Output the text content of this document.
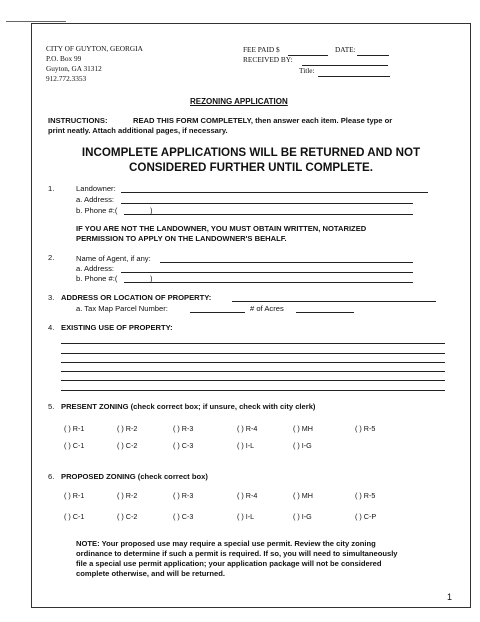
CITY OF GUYTON, GEORGIA
P.O. Box 99
Guyton, GA 31312
912.772.3353
FEE PAID $	DATE:
RECEIVED BY:
Title:
REZONING APPLICATION
INSTRUCTIONS:	READ THIS FORM COMPLETELY, then answer each item. Please type or
print neatly. Attach additional pages, if necessary.
INCOMPLETE APPLICATIONS WILL BE RETURNED AND NOT
CONSIDERED FURTHER UNTIL COMPLETE.
1.	Landowner:
a. Address:
b. Phone #:(	)
IF YOU ARE NOT THE LANDOWNER, YOU MUST OBTAIN WRITTEN, NOTARIZED
PERMISSION TO APPLY ON THE LANDOWNER'S BEHALF.
2.	Name of Agent, if any:
a. Address:
b. Phone #:(	)
3. ADDRESS OR LOCATION OF PROPERTY:
a. Tax Map Parcel Number:	# of Acres
4. EXISTING USE OF PROPERTY:
5. PRESENT ZONING (check correct box; if unsure, check with city clerk)
( ) R-1	( ) R-2	( ) R-3	( ) R-4	( ) MH	( ) R-5
( ) C-1	( ) C-2	( ) C-3	( ) I-L	( ) I-G
6. PROPOSED ZONING (check correct box)
( ) R-1	( ) R-2	( ) R-3	( ) R-4	( ) MH	( ) R-5
( ) C-1	( ) C-2	( ) C-3	( ) I-L	( ) I-G	( ) C-P
NOTE: Your proposed use may require a special use permit. Review the city zoning
ordinance to determine if such a permit is required. If so, you will need to simultaneously
file a special use permit application; your application package will not be considered
complete otherwise, and will be returned.
1
